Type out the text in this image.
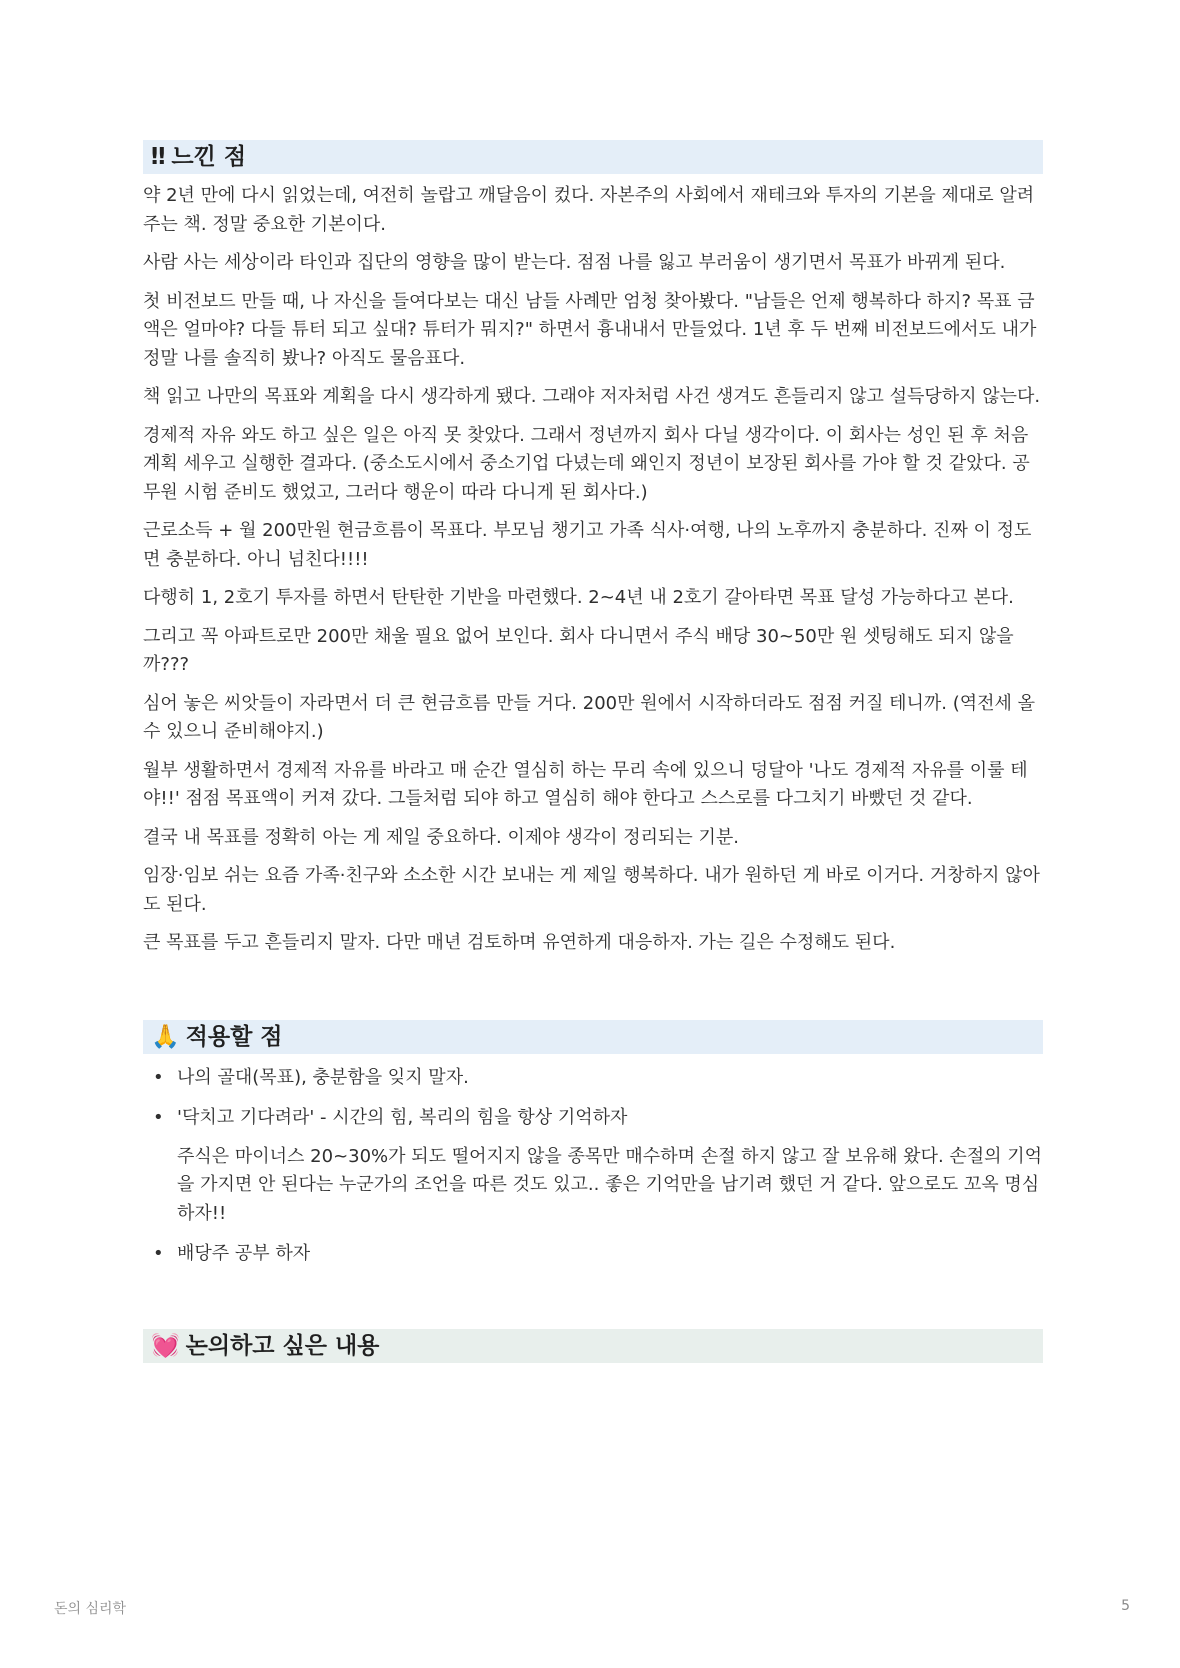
‼ 느낀 점

약 2년 만에 다시 읽었는데, 여전히 놀랍고 깨달음이 컸다. 자본주의 사회에서 재테크와 투자의 기본을 제대로 알려주는 책. 정말 중요한 기본이다.

사람 사는 세상이라 타인과 집단의 영향을 많이 받는다. 점점 나를 잃고 부러움이 생기면서 목표가 바뀌게 된다.

첫 비전보드 만들 때, 나 자신을 들여다보는 대신 남들 사례만 엄청 찾아봤다. "남들은 언제 행복하다 하지? 목표 금액은 얼마야? 다들 튜터 되고 싶대? 튜터가 뭐지?" 하면서 흉내내서 만들었다. 1년 후 두 번째 비전보드에서도 내가 정말 나를 솔직히 봤나? 아직도 물음표다.

책 읽고 나만의 목표와 계획을 다시 생각하게 됐다. 그래야 저자처럼 사건 생겨도 흔들리지 않고 설득당하지 않는다.

경제적 자유 와도 하고 싶은 일은 아직 못 찾았다. 그래서 정년까지 회사 다닐 생각이다. 이 회사는 성인 된 후 처음 계획 세우고 실행한 결과다. (중소도시에서 중소기업 다녔는데 왜인지 정년이 보장된 회사를 가야 할 것 같았다. 공무원 시험 준비도 했었고, 그러다 행운이 따라 다니게 된 회사다.)

근로소득 + 월 200만원 현금흐름이 목표다. 부모님 챙기고 가족 식사·여행, 나의 노후까지 충분하다. 진짜 이 정도면 충분하다. 아니 넘친다!!!!

다행히 1, 2호기 투자를 하면서 탄탄한 기반을 마련했다. 2~4년 내 2호기 갈아타면 목표 달성 가능하다고 본다.

그리고 꼭 아파트로만 200만 채울 필요 없어 보인다. 회사 다니면서 주식 배당 30~50만 원 셋팅해도 되지 않을까???

심어 놓은 씨앗들이 자라면서 더 큰 현금흐름 만들 거다. 200만 원에서 시작하더라도 점점 커질 테니까. (역전세 올 수 있으니 준비해야지.)

월부 생활하면서 경제적 자유를 바라고 매 순간 열심히 하는 무리 속에 있으니 덩달아 '나도 경제적 자유를 이룰 테야!!' 점점 목표액이 커져 갔다. 그들처럼 되야 하고 열심히 해야 한다고 스스로를 다그치기 바빴던 것 같다.

결국 내 목표를 정확히 아는 게 제일 중요하다. 이제야 생각이 정리되는 기분.

임장·임보 쉬는 요즘 가족·친구와 소소한 시간 보내는 게 제일 행복하다. 내가 원하던 게 바로 이거다. 거창하지 않아도 된다.

큰 목표를 두고 흔들리지 말자. 다만 매년 검토하며 유연하게 대응하자. 가는 길은 수정해도 된다.

🙏 적용할 점
• 나의 골대(목표), 충분함을 잊지 말자.
• '닥치고 기다려라' - 시간의 힘, 복리의 힘을 항상 기억하자
주식은 마이너스 20~30%가 되도 떨어지지 않을 종목만 매수하며 손절 하지 않고 잘 보유해 왔다. 손절의 기억을 가지면 안 된다는 누군가의 조언을 따른 것도 있고.. 좋은 기억만을 남기려 했던 거 같다. 앞으로도 꼬옥 명심하자!!
• 배당주 공부 하자
💓 논의하고 싶은 내용
돈의 심리학	5
